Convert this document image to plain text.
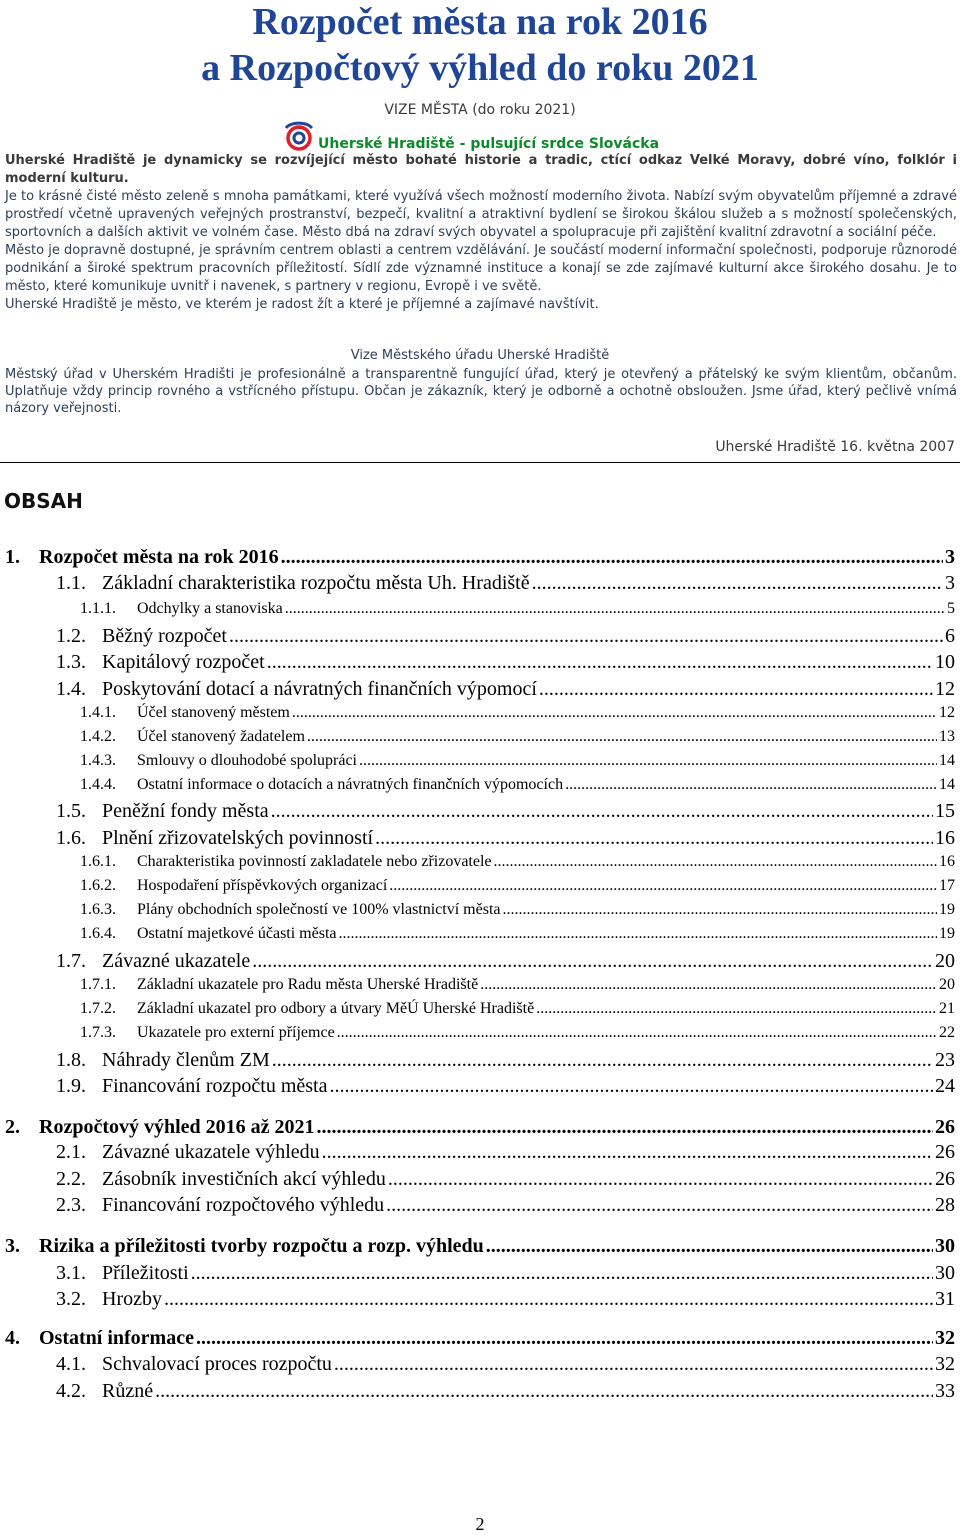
Rozpočet města na rok 2016
a Rozpočtový výhled do roku 2021
VIZE MĚSTA (do roku 2021)
Uherské Hradiště - pulsující srdce Slovácka

Uherské Hradiště je dynamicky se rozvíjející město bohaté historie a tradic, ctící odkaz Velké Moravy, dobré víno, folklór i moderní kulturu.

Je to krásné čisté město zeleně s mnoha památkami, které využívá všech možností moderního života. Nabízí svým obyvatelům příjemné a zdravé prostředí včetně upravených veřejných prostranství, bezpečí, kvalitní a atraktivní bydlení se širokou škálou služeb a s možností společenských, sportovních a dalších aktivit ve volném čase. Město dbá na zdraví svých obyvatel a spolupracuje při zajištění kvalitní zdravotní a sociální péče.

Město je dopravně dostupné, je správním centrem oblasti a centrem vzdělávání. Je součástí moderní informační společnosti, podporuje různorodé podnikání a široké spektrum pracovních příležitostí. Sídlí zde významné instituce a konají se zde zajímavé kulturní akce širokého dosahu. Je to město, které komunikuje uvnitř i navenek, s partnery v regionu, Evropě i ve světě.

Uherské Hradiště je město, ve kterém je radost žít a které je příjemné a zajímavé navštívit.

Vize Městského úřadu Uherské Hradiště

Městský úřad v Uherském Hradišti je profesionálně a transparentně fungující úřad, který je otevřený a přátelský ke svým klientům, občanům. Uplatňuje vždy princip rovného a vstřícného přístupu. Občan je zákazník, který je odborně a ochotně obsloužen. Jsme úřad, který pečlivě vnímá názory veřejnosti.

Uherské Hradiště 16. května 2007
OBSAH
1. Rozpočet města na rok 2016 .....	3
1.1. Základní charakteristika rozpočtu města Uh. Hradiště .....	3
1.1.1.	Odchylky a stanoviska .....	5
1.2. Běžný rozpočet .....	6
1.3. Kapitálový rozpočet .....	10
1.4. Poskytování dotací a návratných finančních výpomocí .....	12
1.4.1.	Účel stanovený městem .....	12
1.4.2.	Účel stanovený žadatelem .....	13
1.4.3.	Smlouvy o dlouhodobé spolupráci .....	14
1.4.4.	Ostatní informace o dotacích a návratných finančních výpomocích .....	14
1.5. Peněžní fondy města .....	15
1.6. Plnění zřizovatelských povinností .....	16
1.6.1.	Charakteristika povinností zakladatele nebo zřizovatele .....	16
1.6.2.	Hospodaření příspěvkových organizací .....	17
1.6.3.	Plány obchodních společností ve 100% vlastnictví města .....	19
1.6.4.	Ostatní majetkové účasti města .....	19
1.7. Závazné ukazatele .....	20
1.7.1.	Základní ukazatele pro Radu města Uherské Hradiště .....	20
1.7.2.	Základní ukazatel pro odbory a útvary MěÚ Uherské Hradiště .....	21
1.7.3.	Ukazatele pro externí příjemce .....	22
1.8. Náhrady členům ZM .....	23
1.9. Financování rozpočtu města .....	24
2. Rozpočtový výhled 2016 až 2021 .....	26
2.1. Závazné ukazatele výhledu .....	26
2.2. Zásobník investičních akcí výhledu .....	26
2.3. Financování rozpočtového výhledu .....	28
3. Rizika a příležitosti tvorby rozpočtu a rozp. výhledu .....	30
3.1. Příležitosti .....	30
3.2. Hrozby .....	31
4. Ostatní informace .....	32
4.1. Schvalovací proces rozpočtu .....	32
4.2. Různé .....	33
2
